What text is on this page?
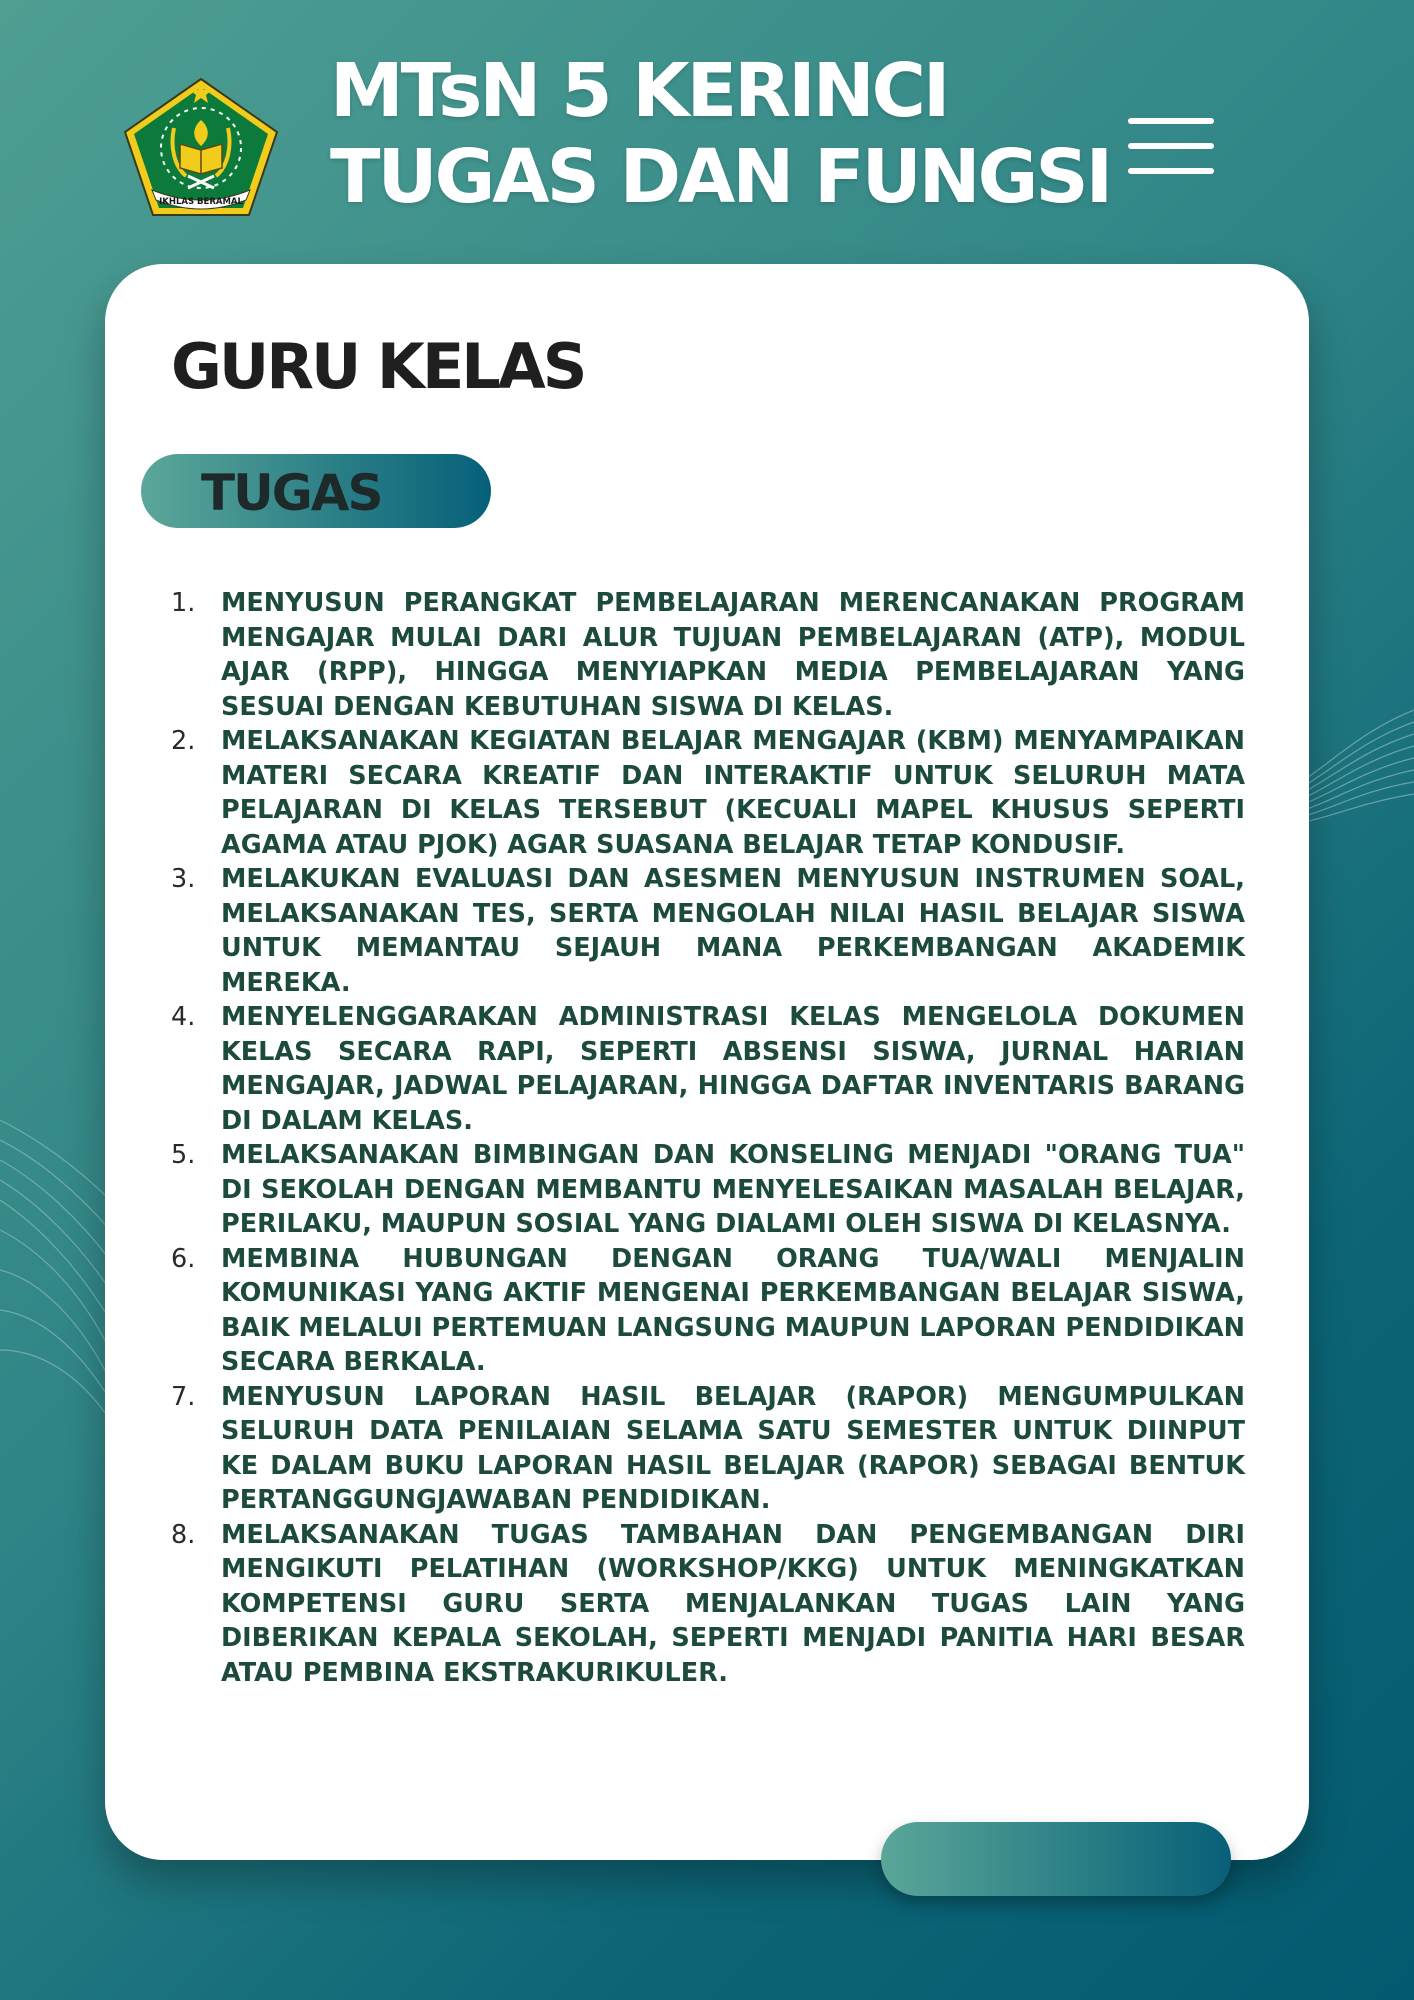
IKHLAS BERAMAL
MTsN 5 KERINCI
TUGAS DAN FUNGSI
GURU KELAS
TUGAS
1.	MENYUSUN PERANGKAT PEMBELAJARAN MERENCANAKAN PROGRAM MENGAJAR MULAI DARI ALUR TUJUAN PEMBELAJARAN (ATP), MODUL AJAR (RPP), HINGGA MENYIAPKAN MEDIA PEMBELAJARAN YANG SESUAI DENGAN KEBUTUHAN SISWA DI KELAS.
2.	MELAKSANAKAN KEGIATAN BELAJAR MENGAJAR (KBM) MENYAMPAIKAN MATERI SECARA KREATIF DAN INTERAKTIF UNTUK SELURUH MATA PELAJARAN DI KELAS TERSEBUT (KECUALI MAPEL KHUSUS SEPERTI AGAMA ATAU PJOK) AGAR SUASANA BELAJAR TETAP KONDUSIF.
3.	MELAKUKAN EVALUASI DAN ASESMEN MENYUSUN INSTRUMEN SOAL, MELAKSANAKAN TES, SERTA MENGOLAH NILAI HASIL BELAJAR SISWA UNTUK MEMANTAU SEJAUH MANA PERKEMBANGAN AKADEMIK MEREKA.
4.	MENYELENGGARAKAN ADMINISTRASI KELAS MENGELOLA DOKUMEN KELAS SECARA RAPI, SEPERTI ABSENSI SISWA, JURNAL HARIAN MENGAJAR, JADWAL PELAJARAN, HINGGA DAFTAR INVENTARIS BARANG DI DALAM KELAS.
5.	MELAKSANAKAN BIMBINGAN DAN KONSELING MENJADI "ORANG TUA" DI SEKOLAH DENGAN MEMBANTU MENYELESAIKAN MASALAH BELAJAR, PERILAKU, MAUPUN SOSIAL YANG DIALAMI OLEH SISWA DI KELASNYA.
6.	MEMBINA HUBUNGAN DENGAN ORANG TUA/WALI MENJALIN KOMUNIKASI YANG AKTIF MENGENAI PERKEMBANGAN BELAJAR SISWA, BAIK MELALUI PERTEMUAN LANGSUNG MAUPUN LAPORAN PENDIDIKAN SECARA BERKALA.
7.	MENYUSUN LAPORAN HASIL BELAJAR (RAPOR) MENGUMPULKAN SELURUH DATA PENILAIAN SELAMA SATU SEMESTER UNTUK DIINPUT KE DALAM BUKU LAPORAN HASIL BELAJAR (RAPOR) SEBAGAI BENTUK PERTANGGUNGJAWABAN PENDIDIKAN.
8.	MELAKSANAKAN TUGAS TAMBAHAN DAN PENGEMBANGAN DIRI MENGIKUTI PELATIHAN (WORKSHOP/KKG) UNTUK MENINGKATKAN KOMPETENSI GURU SERTA MENJALANKAN TUGAS LAIN YANG DIBERIKAN KEPALA SEKOLAH, SEPERTI MENJADI PANITIA HARI BESAR ATAU PEMBINA EKSTRAKURIKULER.
